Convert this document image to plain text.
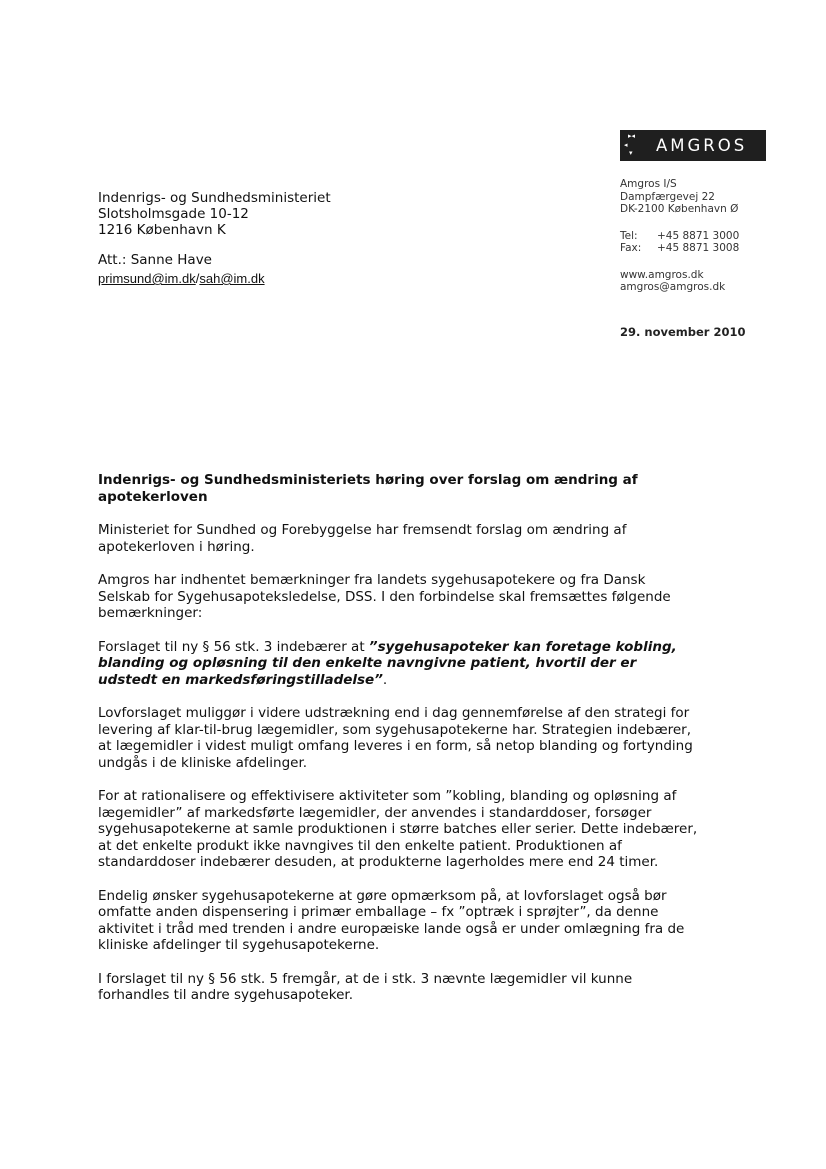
▸◂
◂
▾ AMGROS
Amgros I/S
Dampfærgevej 22
DK-2100 København Ø
Tel:	+45 8871 3000
Fax:	+45 8871 3008
www.amgros.dk
amgros@amgros.dk
29. november 2010
Indenrigs- og Sundhedsministeriet
Slotsholmsgade 10-12
1216 København K
Att.: Sanne Have
primsund@im.dk/sah@im.dk
Indenrigs- og Sundhedsministeriets høring over forslag om ændring af apotekerloven

Ministeriet for Sundhed og Forebyggelse har fremsendt forslag om ændring af apotekerloven i høring.

Amgros har indhentet bemærkninger fra landets sygehusapotekere og fra Dansk Selskab for Sygehusapoteksledelse, DSS. I den forbindelse skal fremsættes følgende bemærkninger:

Forslaget til ny § 56 stk. 3 indebærer at ”sygehusapoteker kan foretage kobling, blanding og opløsning til den enkelte navngivne patient, hvortil der er udstedt en markedsføringstilladelse”.

Lovforslaget muliggør i videre udstrækning end i dag gennemførelse af den strategi for levering af klar-til-brug lægemidler, som sygehusapotekerne har. Strategien indebærer, at lægemidler i videst muligt omfang leveres i en form, så netop blanding og fortynding undgås i de kliniske afdelinger.

For at rationalisere og effektivisere aktiviteter som ”kobling, blanding og opløsning af lægemidler” af markedsførte lægemidler, der anvendes i standarddoser, forsøger sygehusapotekerne at samle produktionen i større batches eller serier. Dette indebærer, at det enkelte produkt ikke navngives til den enkelte patient. Produktionen af standarddoser indebærer desuden, at produkterne lagerholdes mere end 24 timer.

Endelig ønsker sygehusapotekerne at gøre opmærksom på, at lovforslaget også bør omfatte anden dispensering i primær emballage – fx ”optræk i sprøjter”, da denne aktivitet i tråd med trenden i andre europæiske lande også er under omlægning fra de kliniske afdelinger til sygehusapotekerne.

I forslaget til ny § 56 stk. 5 fremgår, at de i stk. 3 nævnte lægemidler vil kunne forhandles til andre sygehusapoteker.
